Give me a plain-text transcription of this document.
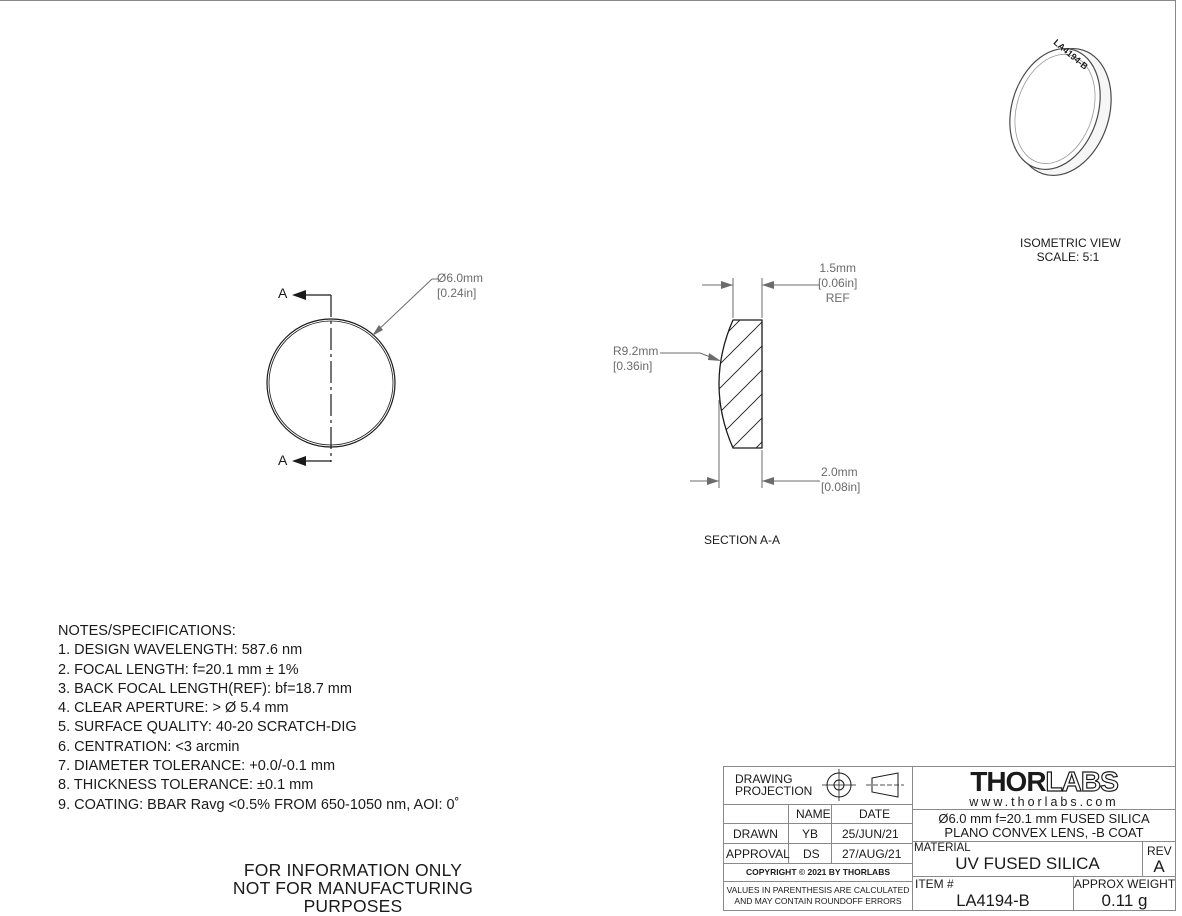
A
A
Ø6.0mm
[0.24in]
1.5mm
[0.06in]
REF
R9.2mm
[0.36in]
2.0mm
[0.08in]
SECTION A-A
LA4194-B
ISOMETRIC VIEW
SCALE: 5:1
NOTES/SPECIFICATIONS:
1. DESIGN WAVELENGTH: 587.6 nm
2. FOCAL LENGTH: f=20.1 mm ± 1%
3. BACK FOCAL LENGTH(REF): bf=18.7 mm
4. CLEAR APERTURE: > Ø 5.4 mm
5. SURFACE QUALITY: 40-20 SCRATCH-DIG
6. CENTRATION: <3 arcmin
7. DIAMETER TOLERANCE: +0.0/-0.1 mm
8. THICKNESS TOLERANCE: ±0.1 mm
9. COATING: BBAR Ravg <0.5% FROM 650-1050 nm, AOI: 0˚
FOR INFORMATION ONLY
NOT FOR MANUFACTURING PURPOSES
DRAWING
PROJECTION
NAME DATE
DRAWN YB 25/JUN/21
APPROVAL DS 27/AUG/21
COPYRIGHT © 2021 BY THORLABS
VALUES IN PARENTHESIS ARE CALCULATED
AND MAY CONTAIN ROUNDOFF ERRORS
THORLABS
www.thorlabs.com
Ø6.0 mm f=20.1 mm FUSED SILICA
PLANO CONVEX LENS, -B COAT
MATERIAL
UV FUSED SILICA
REV
A
ITEM #
LA4194-B
APPROX WEIGHT
0.11 g
